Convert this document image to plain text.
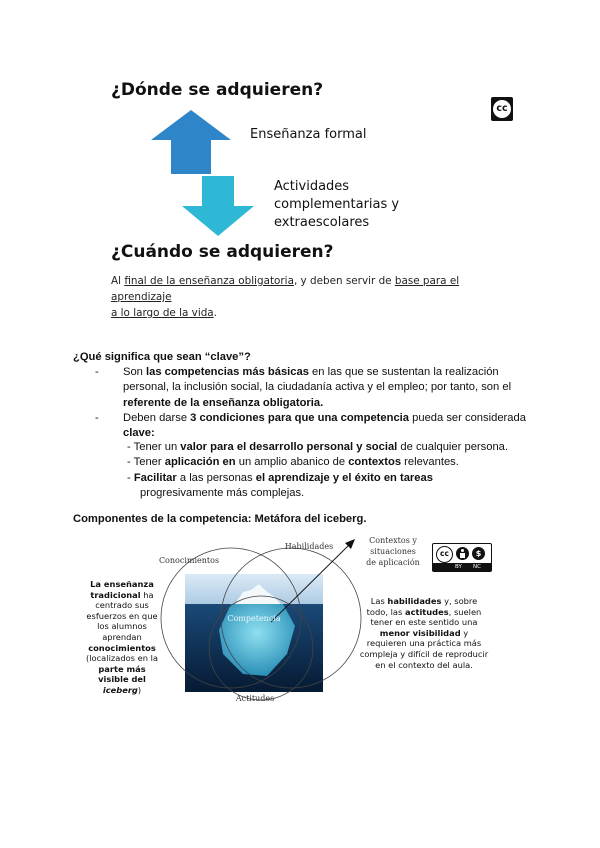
¿Dónde se adquieren?
cc
Enseñanza formal
Actividades
complementarias y
extraescolares
¿Cuándo se adquieren?
Al final de la enseñanza obligatoria, y deben servir de base para el aprendizaje
a lo largo de la vida.
¿Qué significa que sean “clave”?
- Son las competencias más básicas en las que se sustentan la realización
personal, la inclusión social, la ciudadanía activa y el empleo; por tanto, son el
referente de la enseñanza obligatoria.
- Deben darse 3 condiciones para que una competencia pueda ser considerada
clave:
- Tener un valor para el desarrollo personal y social de cualquier persona.
- Tener aplicación en un amplio abanico de contextos relevantes.
- Facilitar a las personas el aprendizaje y el éxito en tareas
progresivamente más complejas.
Componentes de la competencia: Metáfora del iceberg.
Conocimientos
Habilidades
Actitudes
Competencia
Contextos y
situaciones
de aplicación
cc	$
BY NC
La enseñanza tradicional ha centrado sus esfuerzos en que los alumnos aprendan conocimientos (localizados en la parte más visible del iceberg)
Las habilidades y, sobre todo, las actitudes, suelen tener en este sentido una menor visibilidad y requieren una práctica más compleja y difícil de reproducir en el contexto del aula.
